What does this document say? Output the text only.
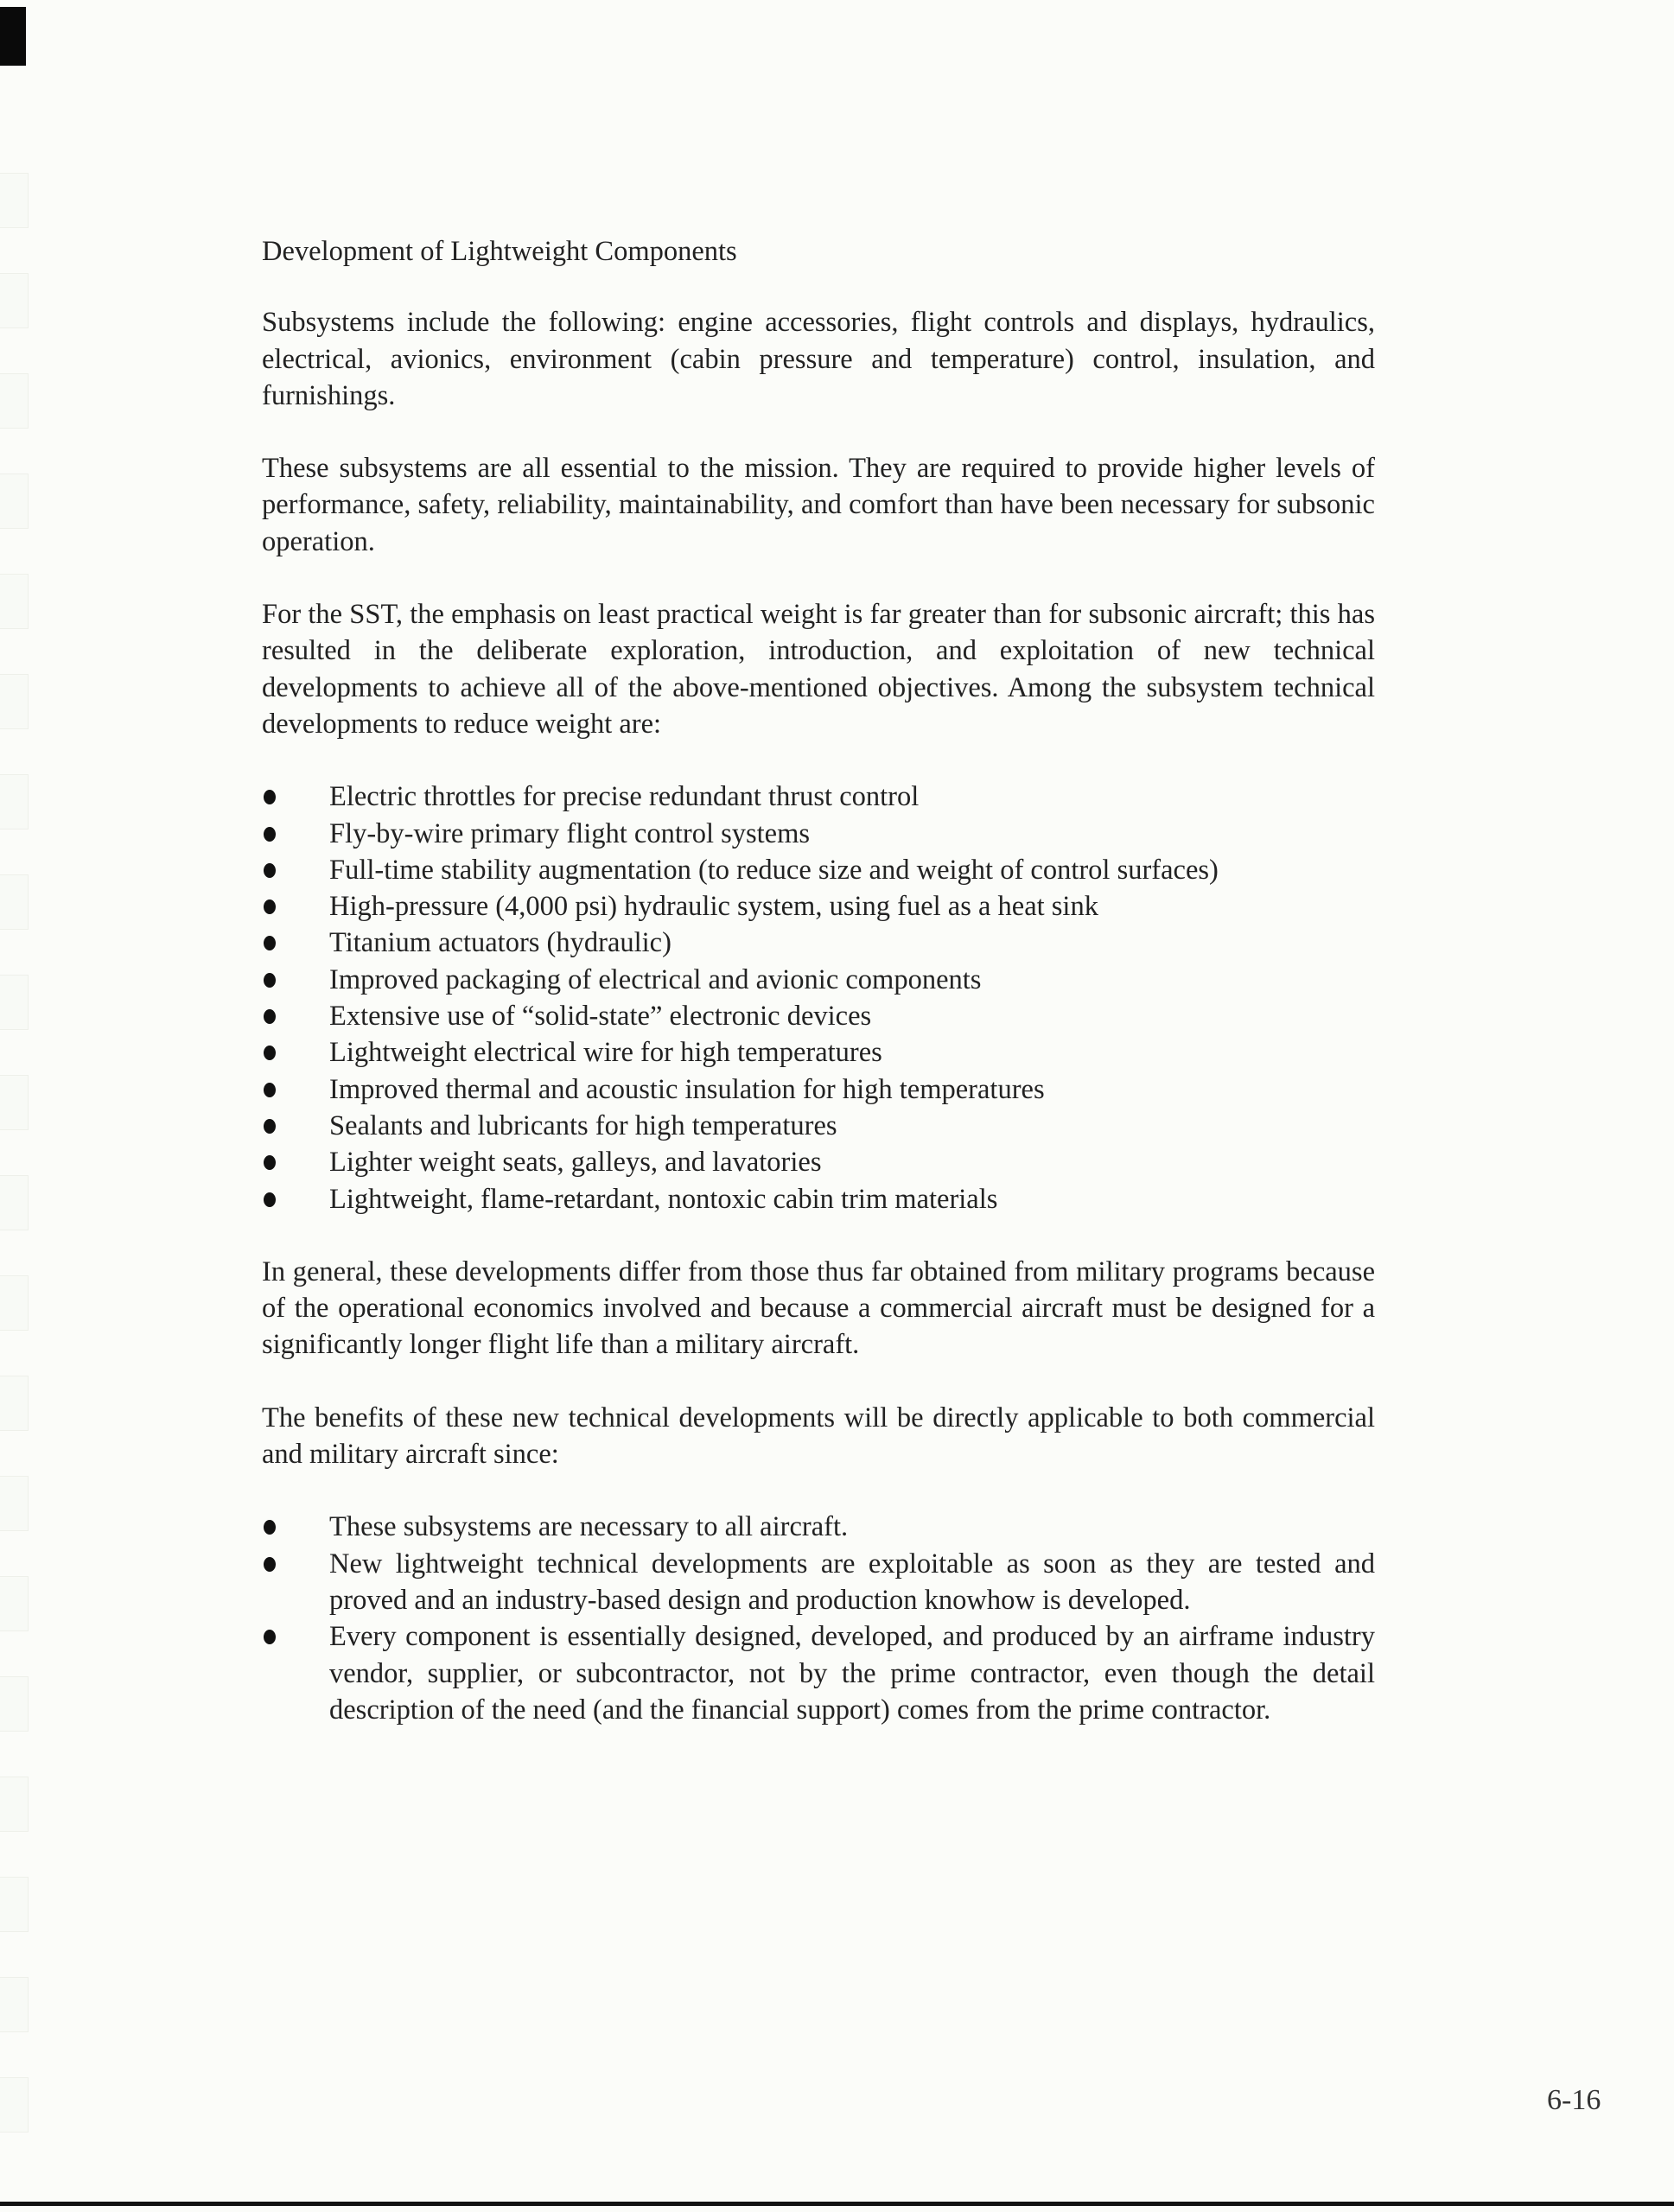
Development of Lightweight Components

Subsystems include the following: engine accessories, flight controls and displays, hydraulics, electrical, avionics, environment (cabin pressure and temperature) control, insulation, and furnishings.

These subsystems are all essential to the mission. They are required to provide higher levels of performance, safety, reliability, maintainability, and comfort than have been necessary for subsonic operation.

For the SST, the emphasis on least practical weight is far greater than for subsonic aircraft; this has resulted in the deliberate exploration, introduction, and exploitation of new technical developments to achieve all of the above-mentioned objectives. Among the subsystem technical developments to reduce weight are:

Electric throttles for precise redundant thrust control
Fly-by-wire primary flight control systems
Full-time stability augmentation (to reduce size and weight of control surfaces)
High-pressure (4,000 psi) hydraulic system, using fuel as a heat sink
Titanium actuators (hydraulic)
Improved packaging of electrical and avionic components
Extensive use of “solid-state” electronic devices
Lightweight electrical wire for high temperatures
Improved thermal and acoustic insulation for high temperatures
Sealants and lubricants for high temperatures
Lighter weight seats, galleys, and lavatories
Lightweight, flame-retardant, nontoxic cabin trim materials

In general, these developments differ from those thus far obtained from military programs because of the operational economics involved and because a commercial aircraft must be designed for a significantly longer flight life than a military aircraft.

The benefits of these new technical developments will be directly applicable to both commercial and military aircraft since:

These subsystems are necessary to all aircraft.
New lightweight technical developments are exploitable as soon as they are tested and proved and an industry-based design and production knowhow is developed.
Every component is essentially designed, developed, and produced by an airframe industry vendor, supplier, or subcontractor, not by the prime contractor, even though the detail description of the need (and the financial support) comes from the prime contractor.
6-16
